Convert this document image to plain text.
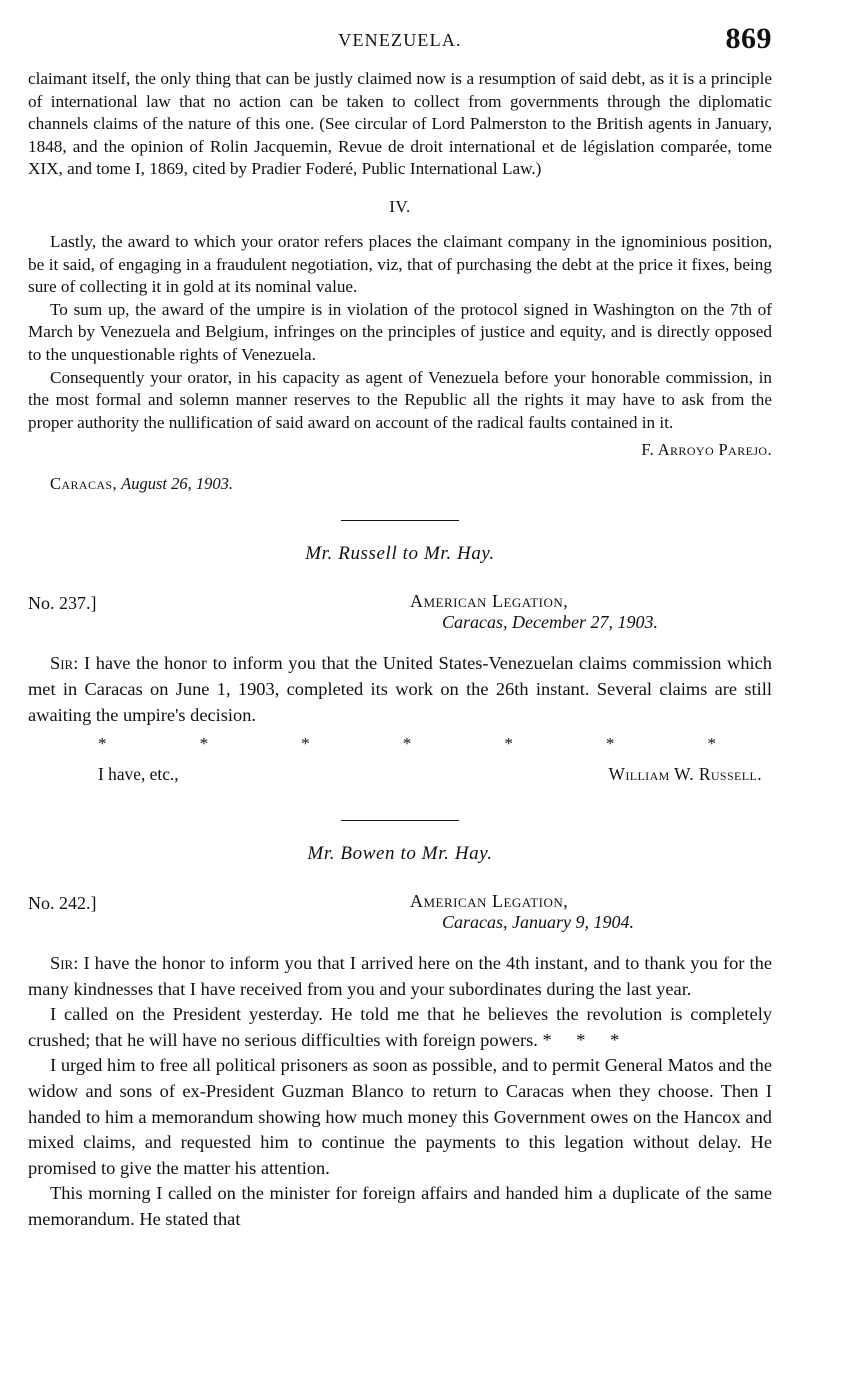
VENEZUELA.	869

claimant itself, the only thing that can be justly claimed now is a resumption of said debt, as it is a principle of international law that no action can be taken to collect from governments through the diplomatic channels claims of the nature of this one. (See circular of Lord Palmerston to the British agents in January, 1848, and the opinion of Rolin Jacquemin, Revue de droit international et de législation comparée, tome XIX, and tome I, 1869, cited by Pradier Foderé, Public International Law.)

IV.

Lastly, the award to which your orator refers places the claimant company in the ignominious position, be it said, of engaging in a fraudulent negotiation, viz, that of purchasing the debt at the price it fixes, being sure of collecting it in gold at its nominal value.

To sum up, the award of the umpire is in violation of the protocol signed in Washington on the 7th of March by Venezuela and Belgium, infringes on the principles of justice and equity, and is directly opposed to the unquestionable rights of Venezuela.

Consequently your orator, in his capacity as agent of Venezuela before your honorable commission, in the most formal and solemn manner reserves to the Republic all the rights it may have to ask from the proper authority the nullification of said award on account of the radical faults contained in it.

F. Arroyo Parejo.
Caracas, August 26, 1903.
Mr. Russell to Mr. Hay.
No. 237.]	American Legation,
Caracas, December 27, 1903.

Sir: I have the honor to inform you that the United States-Venezuelan claims commission which met in Caracas on June 1, 1903, completed its work on the 26th instant. Several claims are still awaiting the umpire's decision.

*	*	*	*	*	*	*
I have, etc.,	William W. Russell.
Mr. Bowen to Mr. Hay.
No. 242.]	American Legation,
Caracas, January 9, 1904.

Sir: I have the honor to inform you that I arrived here on the 4th instant, and to thank you for the many kindnesses that I have received from you and your subordinates during the last year.

I called on the President yesterday. He told me that he believes the revolution is completely crushed; that he will have no serious difficulties with foreign powers. * * *

I urged him to free all political prisoners as soon as possible, and to permit General Matos and the widow and sons of ex-President Guzman Blanco to return to Caracas when they choose. Then I handed to him a memorandum showing how much money this Government owes on the Hancox and mixed claims, and requested him to continue the payments to this legation without delay. He promised to give the matter his attention.

This morning I called on the minister for foreign affairs and handed him a duplicate of the same memorandum. He stated that
